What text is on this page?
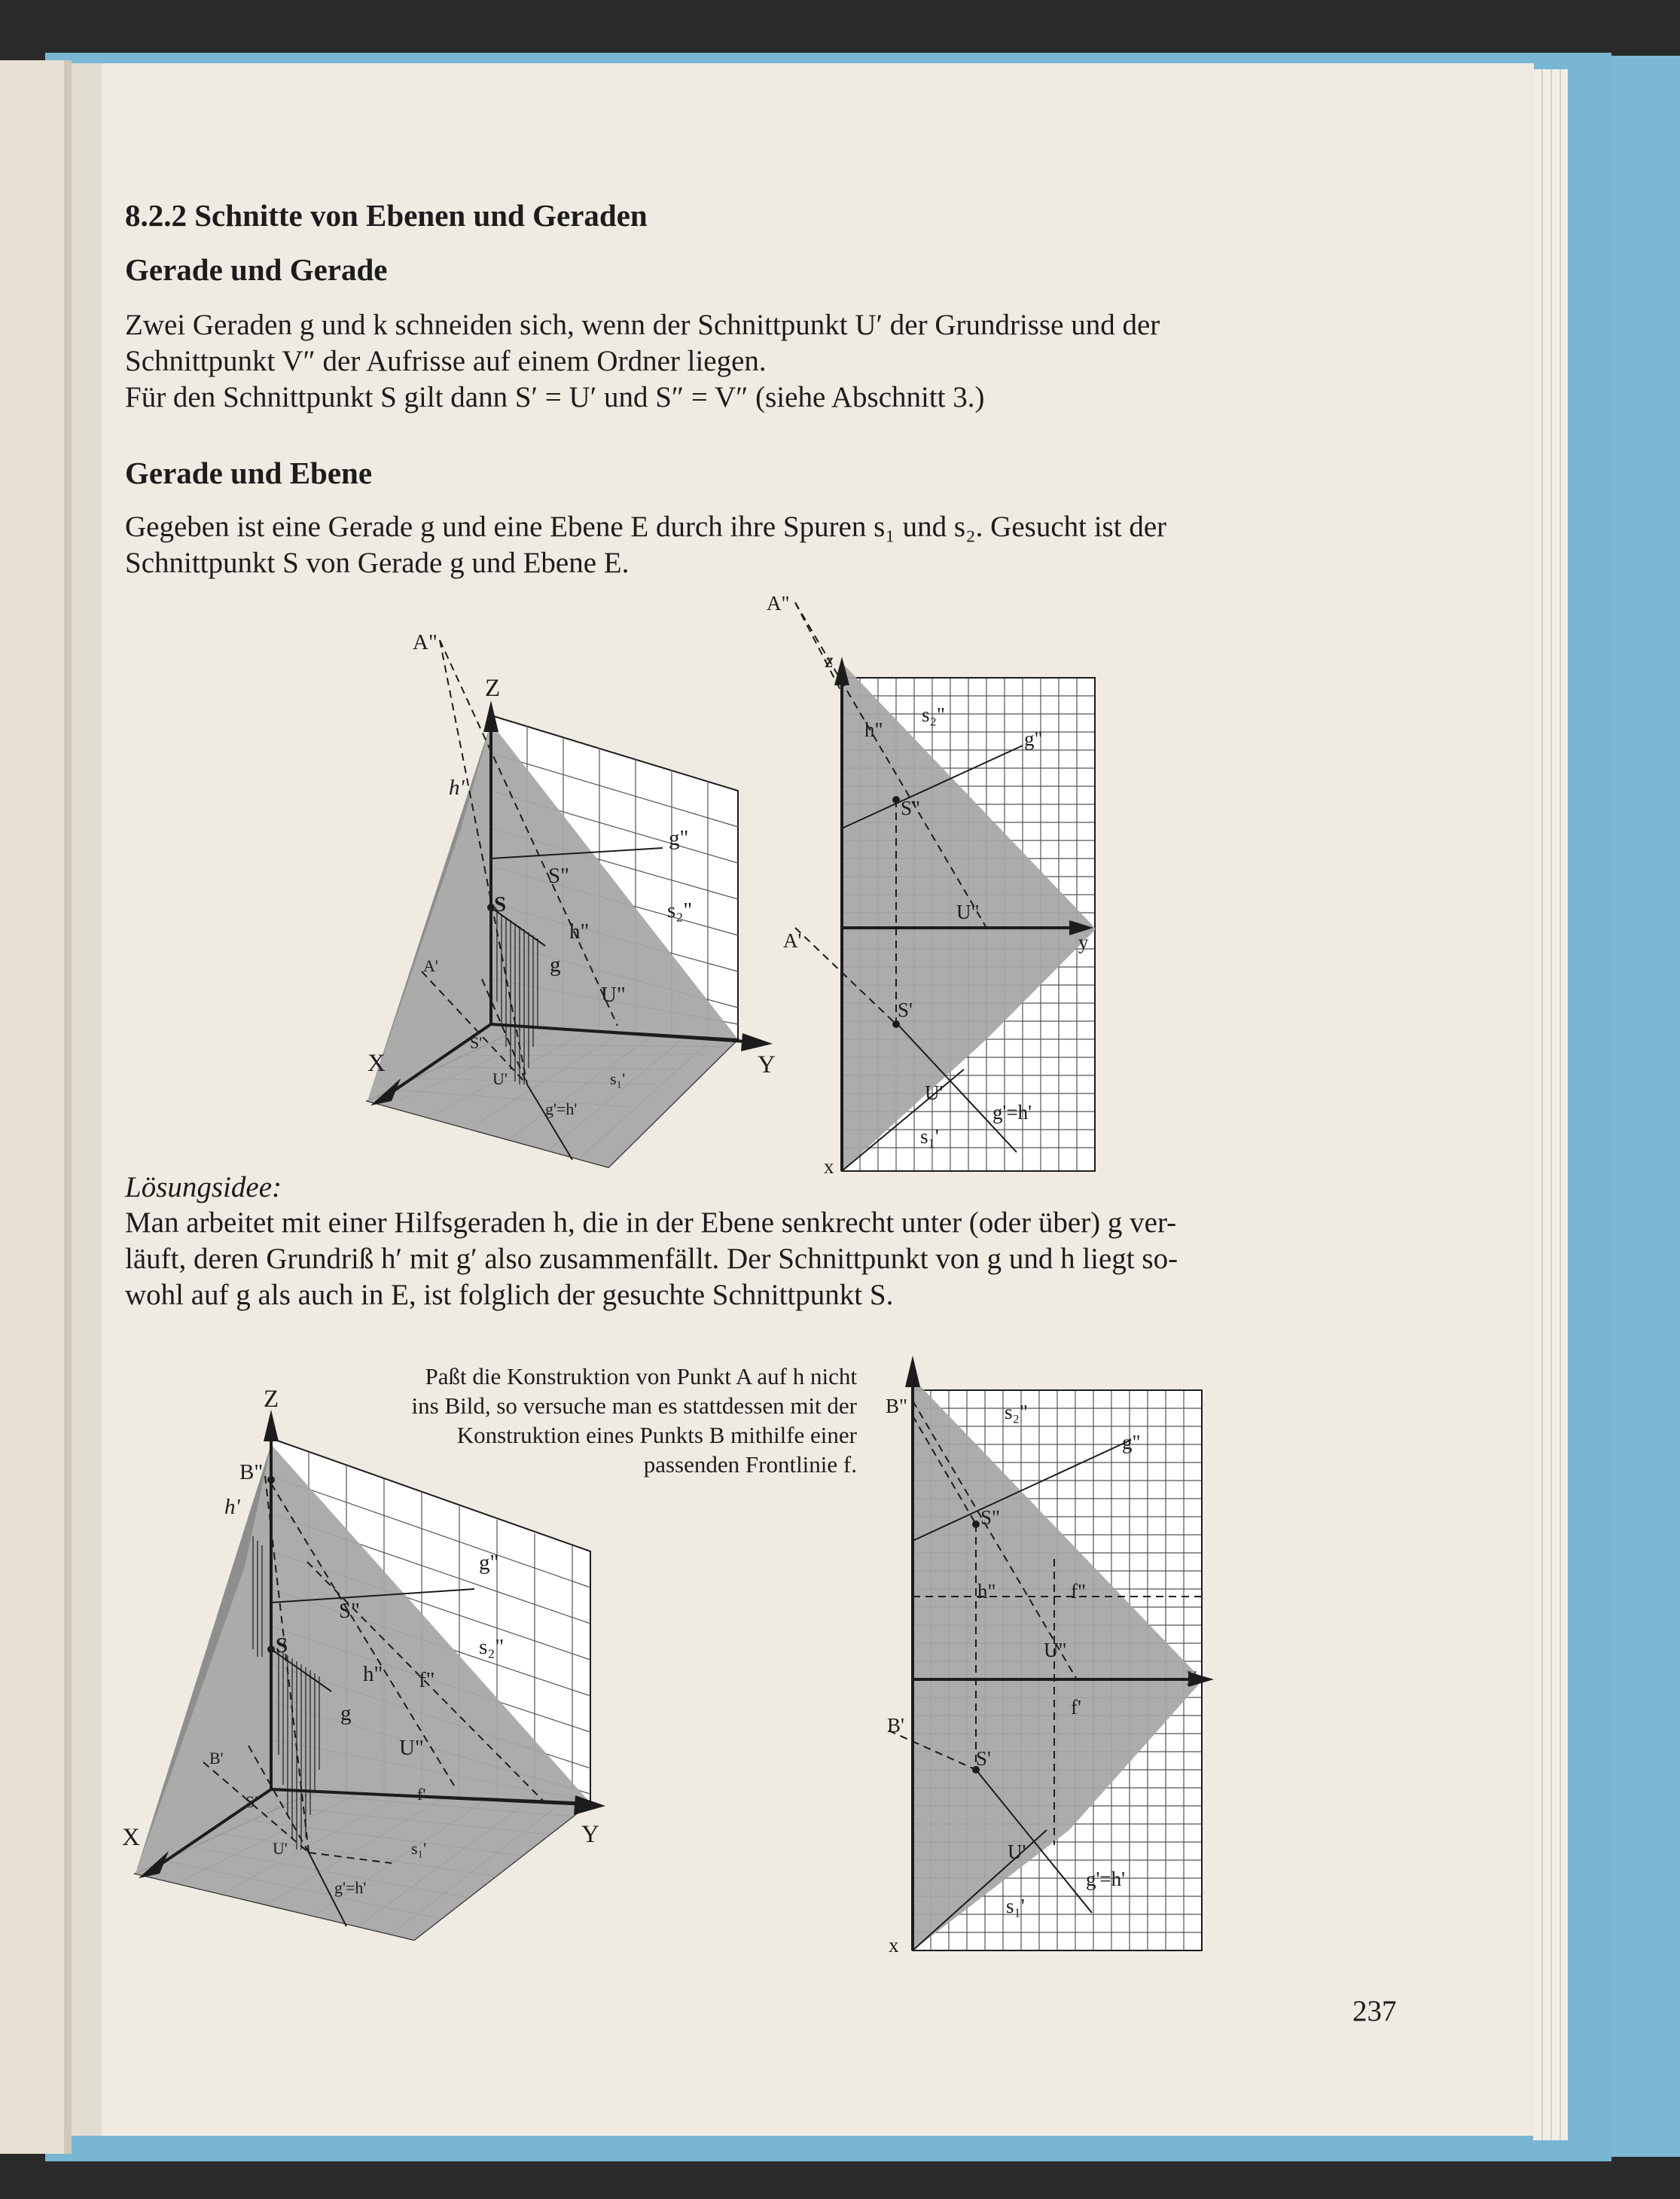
A"
Z
h'
g"
S"
s₂"
S
h"
A'	g
U"
S'
Y
X
U'	s₁'
g'=h'
A"
z
s₂"
h"	g"
S"
U"
A'	y
S'
U'
g'=h'
s₁'
x
Z
B"
h'
g"
S"
s₂"
S
h" f"
g
U"
B'
S'	f'
Y
X	U'	s₁'
g'=h'
B"	s₂"
g"
S"
h"	f"
U"
y
f'
B'
S'
U'
g'=h'
s₁'
x
8.2.2 Schnitte von Ebenen und Geraden
Gerade und Gerade
Zwei Geraden g und k schneiden sich, wenn der Schnittpunkt U′ der Grundrisse und der
Schnittpunkt V″ der Aufrisse auf einem Ordner liegen.
Für den Schnittpunkt S gilt dann S′ = U′ und S″ = V″ (siehe Abschnitt 3.)
Gerade und Ebene
Gegeben ist eine Gerade g und eine Ebene E durch ihre Spuren s₁ und s₂. Gesucht ist der
Schnittpunkt S von Gerade g und Ebene E.
Lösungsidee:
Man arbeitet mit einer Hilfsgeraden h, die in der Ebene senkrecht unter (oder über) g ver-
läuft, deren Grundriß h′ mit g′ also zusammenfällt. Der Schnittpunkt von g und h liegt so-
wohl auf g als auch in E, ist folglich der gesuchte Schnittpunkt S.
Paßt die Konstruktion von Punkt A auf h nicht
ins Bild, so versuche man es stattdessen mit der
Konstruktion eines Punkts B mithilfe einer
passenden Frontlinie f.
237
